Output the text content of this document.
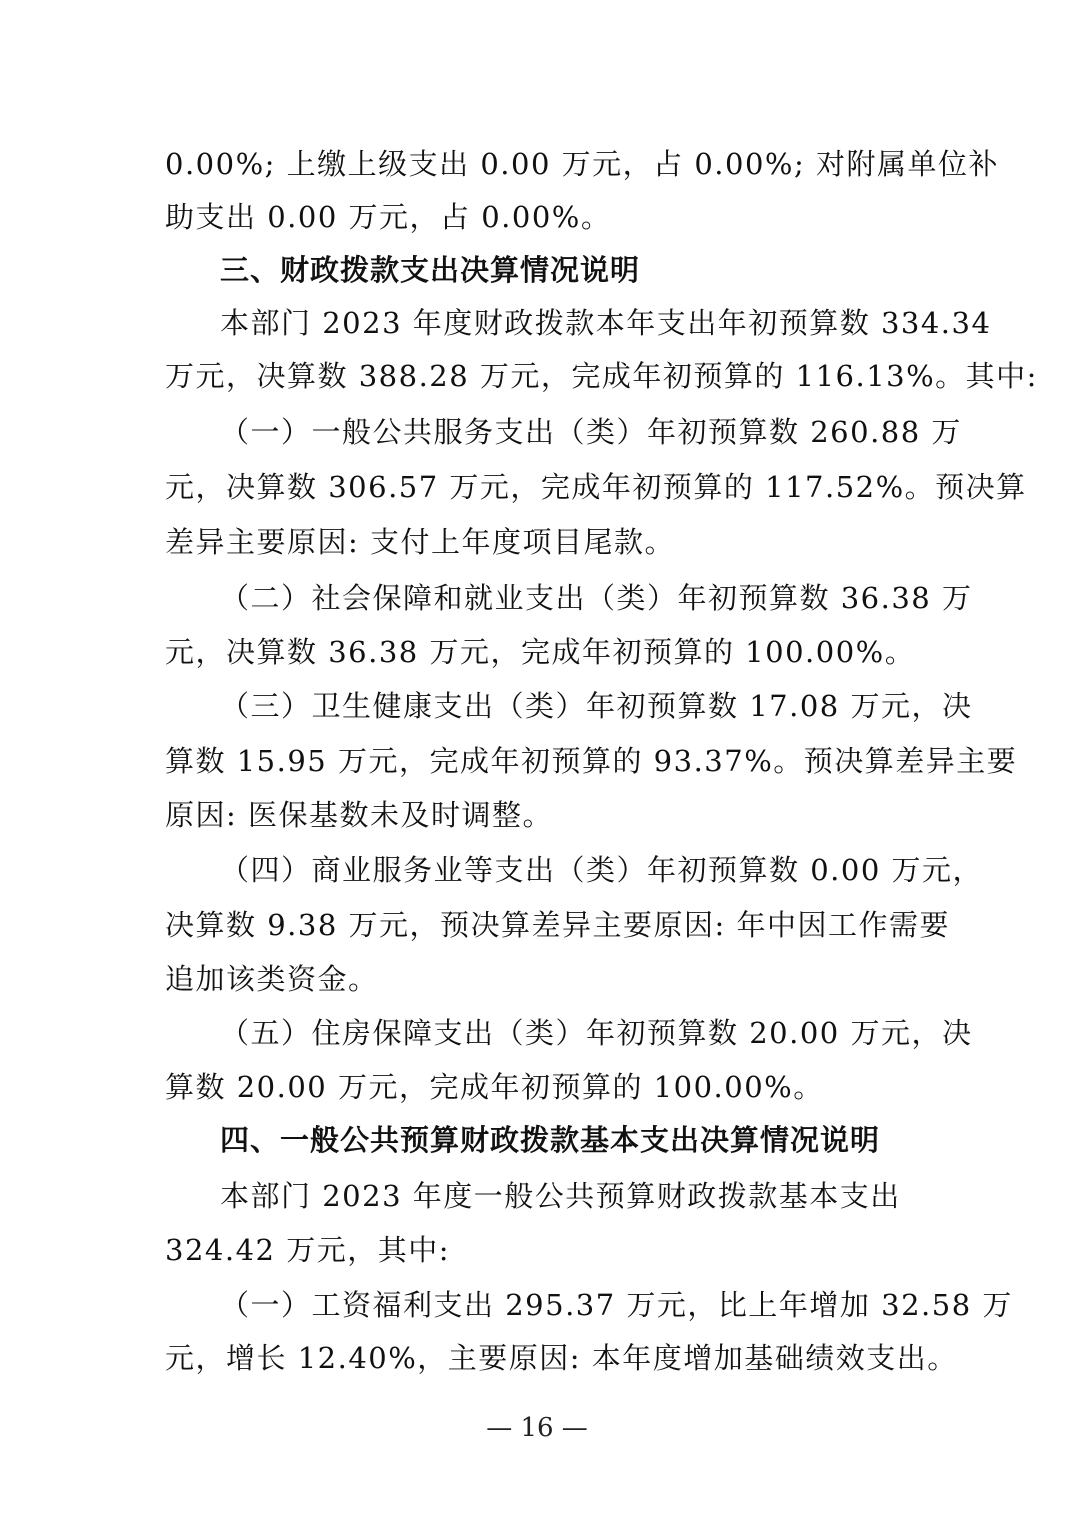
0.00%; 上缴上级支出 0.00 万元，占 0.00%; 对附属单位补
助支出 0.00 万元，占 0.00%。
三、财政拨款支出决算情况说明
本部门 2023 年度财政拨款本年支出年初预算数 334.34
万元，决算数 388.28 万元，完成年初预算的 116.13%。其中:
（一）一般公共服务支出（类）年初预算数 260.88 万
元，决算数 306.57 万元，完成年初预算的 117.52%。预决算
差异主要原因: 支付上年度项目尾款。
（二）社会保障和就业支出（类）年初预算数 36.38 万
元，决算数 36.38 万元，完成年初预算的 100.00%。
（三）卫生健康支出（类）年初预算数 17.08 万元，决
算数 15.95 万元，完成年初预算的 93.37%。预决算差异主要
原因: 医保基数未及时调整。
（四）商业服务业等支出（类）年初预算数 0.00 万元，
决算数 9.38 万元，预决算差异主要原因: 年中因工作需要
追加该类资金。
（五）住房保障支出（类）年初预算数 20.00 万元，决
算数 20.00 万元，完成年初预算的 100.00%。
四、一般公共预算财政拨款基本支出决算情况说明
本部门 2023 年度一般公共预算财政拨款基本支出
324.42 万元，其中:
（一）工资福利支出 295.37 万元，比上年增加 32.58 万
元，增长 12.40%，主要原因: 本年度增加基础绩效支出。
— 16 —
